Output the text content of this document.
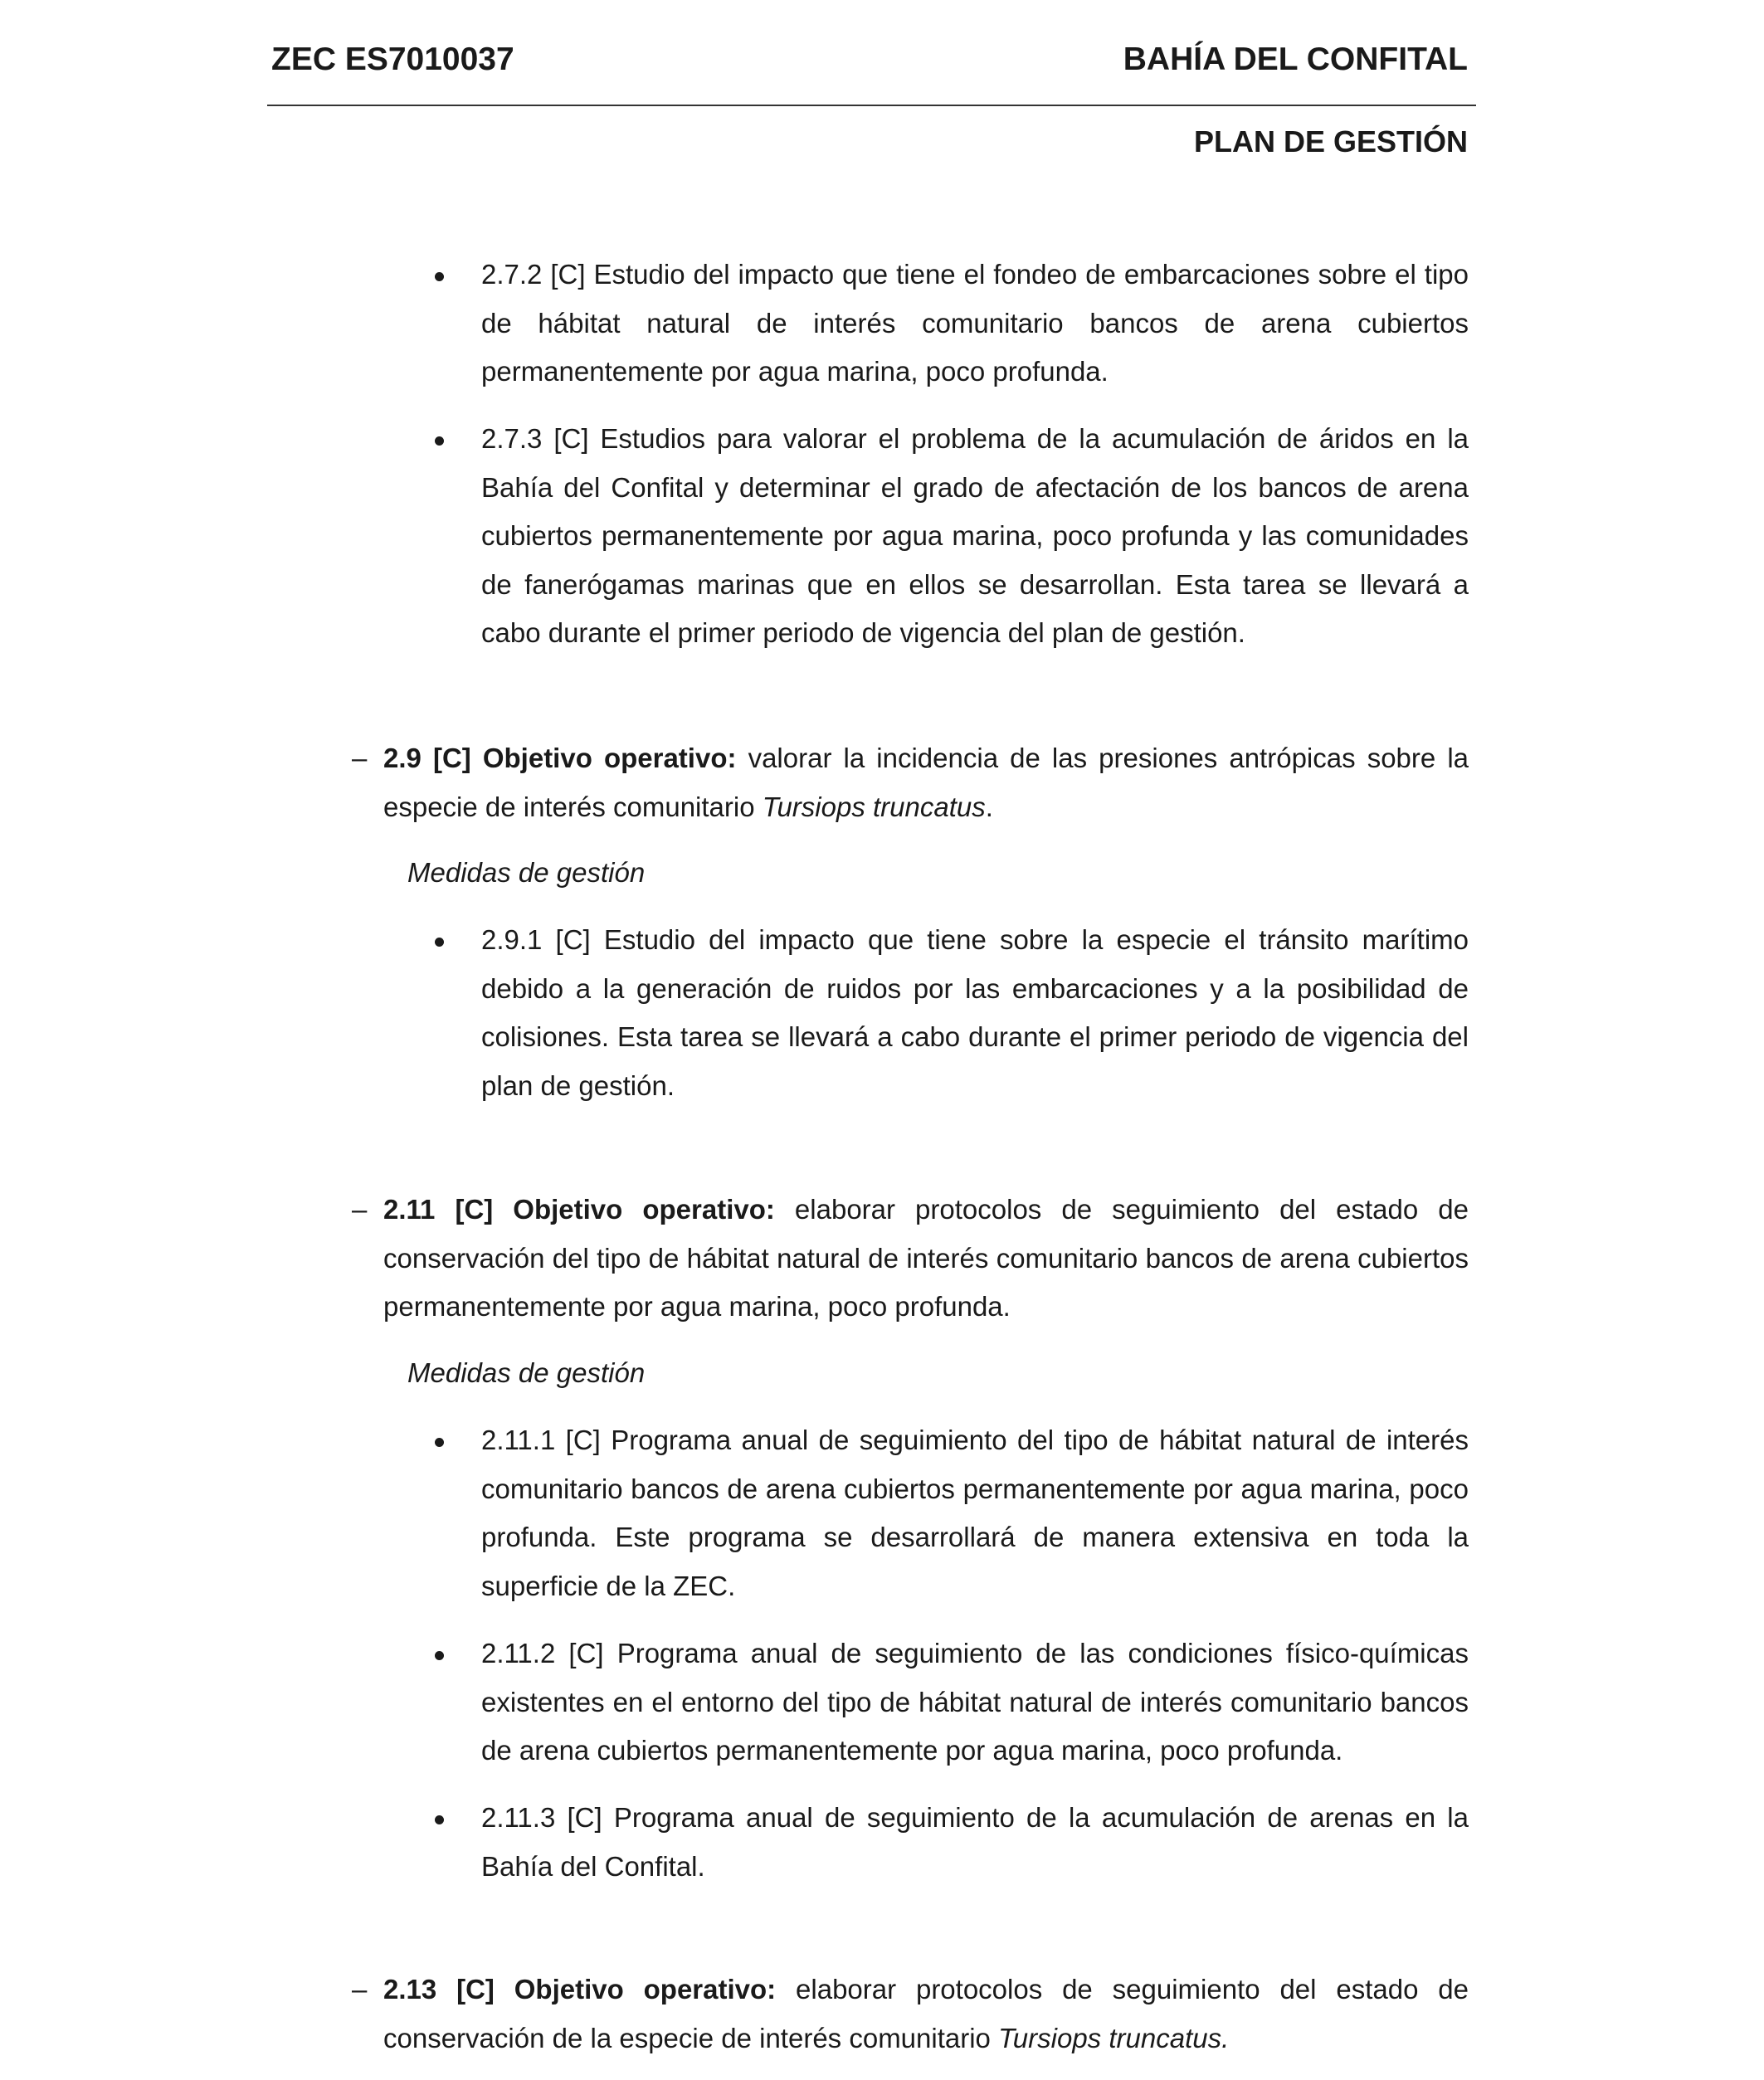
ZEC ES7010037	BAHÍA DEL CONFITAL
PLAN DE GESTIÓN
2.7.2 [C] Estudio del impacto que tiene el fondeo de embarcaciones sobre el tipo de hábitat natural de interés comunitario bancos de arena cubiertos permanentemente por agua marina, poco profunda.
2.7.3 [C] Estudios para valorar el problema de la acumulación de áridos en la Bahía del Confital y determinar el grado de afectación de los bancos de arena cubiertos permanentemente por agua marina, poco profunda y las comunidades de fanerógamas marinas que en ellos se desarrollan. Esta tarea se llevará a cabo durante el primer periodo de vigencia del plan de gestión.
– 2.9 [C] Objetivo operativo: valorar la incidencia de las presiones antrópicas sobre la especie de interés comunitario Tursiops truncatus.
Medidas de gestión
2.9.1 [C] Estudio del impacto que tiene sobre la especie el tránsito marítimo debido a la generación de ruidos por las embarcaciones y a la posibilidad de colisiones. Esta tarea se llevará a cabo durante el primer periodo de vigencia del plan de gestión.
– 2.11 [C] Objetivo operativo: elaborar protocolos de seguimiento del estado de conservación del tipo de hábitat natural de interés comunitario bancos de arena cubiertos permanentemente por agua marina, poco profunda.
Medidas de gestión
2.11.1 [C] Programa anual de seguimiento del tipo de hábitat natural de interés comunitario bancos de arena cubiertos permanentemente por agua marina, poco profunda. Este programa se desarrollará de manera extensiva en toda la superficie de la ZEC.
2.11.2 [C] Programa anual de seguimiento de las condiciones físico-químicas existentes en el entorno del tipo de hábitat natural de interés comunitario bancos de arena cubiertos permanentemente por agua marina, poco profunda.
2.11.3 [C] Programa anual de seguimiento de la acumulación de arenas en la Bahía del Confital.
– 2.13 [C] Objetivo operativo: elaborar protocolos de seguimiento del estado de conservación de la especie de interés comunitario Tursiops truncatus.
